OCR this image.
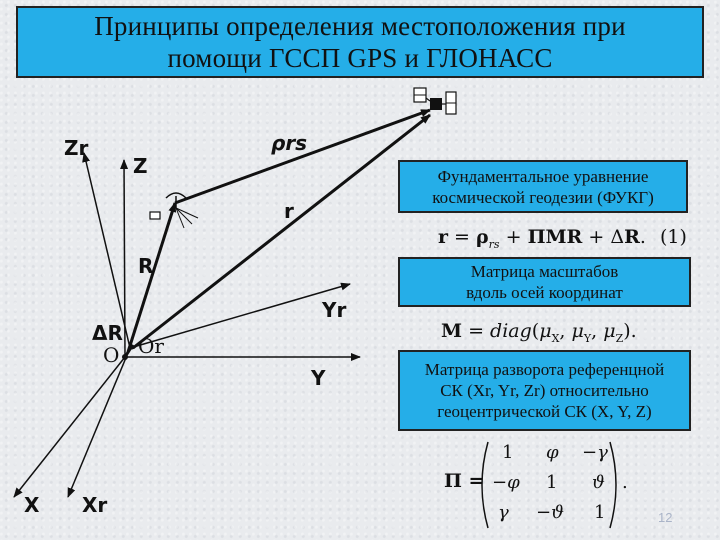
Принципы определения местоположения при
помощи ГССП GPS и ГЛОНАСС
Z
Zr
Yr
Y
X Xr
O Or
ρrs
r
R
ΔR
Фундаментальное уравнение
космической геодезии (ФУКГ)
Матрица масштабов
вдоль осей координат
Матрица разворота референцной
СК (Xr, Yr, Zr) относительно
геоцентрической СК (X, Y, Z)
$r = \rho_{rs}$ + ПМR + ΔR. (1)
$M = diag(\mu_X$, $\mu_Y$, $\mu_Z$).
П =
1 φ −γ
−φ 1 ϑ
γ −ϑ 1
.
12
